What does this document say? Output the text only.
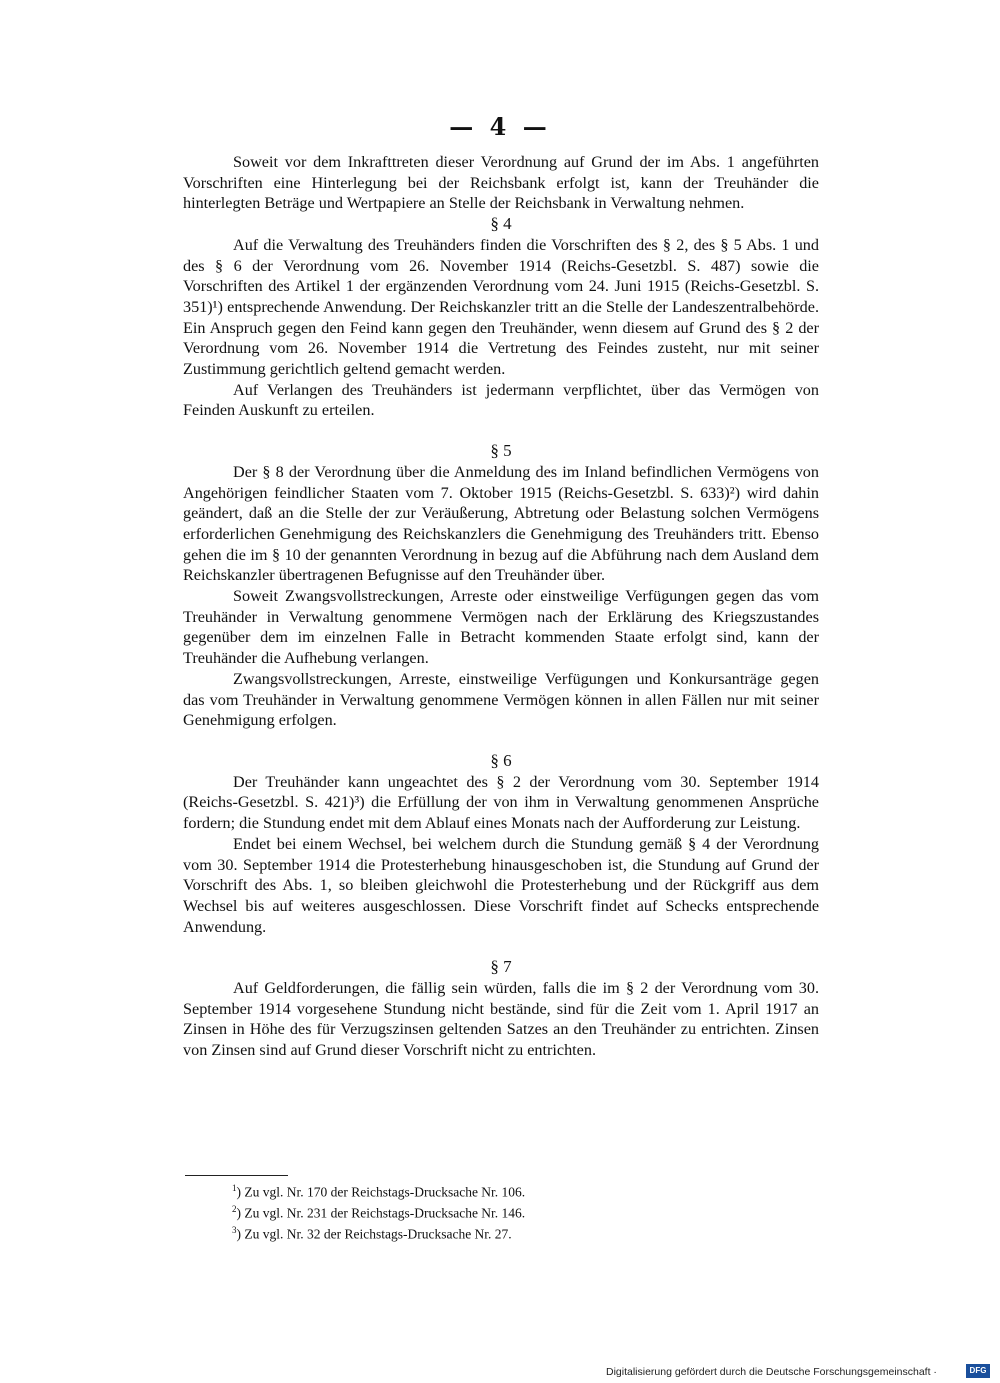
— 4 —

Soweit vor dem Inkrafttreten dieser Verordnung auf Grund der im Abs. 1 angeführten Vorschriften eine Hinterlegung bei der Reichsbank erfolgt ist, kann der Treuhänder die hinterlegten Beträge und Wertpapiere an Stelle der Reichsbank in Verwaltung nehmen.

§ 4

Auf die Verwaltung des Treuhänders finden die Vorschriften des § 2, des § 5 Abs. 1 und des § 6 der Verordnung vom 26. November 1914 (Reichs-Gesetzbl. S. 487) sowie die Vorschriften des Artikel 1 der ergänzenden Verordnung vom 24. Juni 1915 (Reichs-Gesetzbl. S. 351)¹) entsprechende Anwendung. Der Reichskanzler tritt an die Stelle der Landeszentralbehörde. Ein Anspruch gegen den Feind kann gegen den Treuhänder, wenn diesem auf Grund des § 2 der Verordnung vom 26. November 1914 die Vertretung des Feindes zusteht, nur mit seiner Zustimmung gerichtlich geltend gemacht werden.

Auf Verlangen des Treuhänders ist jedermann verpflichtet, über das Vermögen von Feinden Auskunft zu erteilen.

§ 5

Der § 8 der Verordnung über die Anmeldung des im Inland befindlichen Vermögens von Angehörigen feindlicher Staaten vom 7. Oktober 1915 (Reichs-Gesetzbl. S. 633)²) wird dahin geändert, daß an die Stelle der zur Veräußerung, Abtretung oder Belastung solchen Vermögens erforderlichen Genehmigung des Reichskanzlers die Genehmigung des Treuhänders tritt. Ebenso gehen die im § 10 der genannten Verordnung in bezug auf die Abführung nach dem Ausland dem Reichskanzler übertragenen Befugnisse auf den Treuhänder über.

Soweit Zwangsvollstreckungen, Arreste oder einstweilige Verfügungen gegen das vom Treuhänder in Verwaltung genommene Vermögen nach der Erklärung des Kriegszustandes gegenüber dem im einzelnen Falle in Betracht kommenden Staate erfolgt sind, kann der Treuhänder die Aufhebung verlangen.

Zwangsvollstreckungen, Arreste, einstweilige Verfügungen und Konkursanträge gegen das vom Treuhänder in Verwaltung genommene Vermögen können in allen Fällen nur mit seiner Genehmigung erfolgen.

§ 6

Der Treuhänder kann ungeachtet des § 2 der Verordnung vom 30. September 1914 (Reichs-Gesetzbl. S. 421)³) die Erfüllung der von ihm in Verwaltung genommenen Ansprüche fordern; die Stundung endet mit dem Ablauf eines Monats nach der Aufforderung zur Leistung.

Endet bei einem Wechsel, bei welchem durch die Stundung gemäß § 4 der Verordnung vom 30. September 1914 die Protesterhebung hinausgeschoben ist, die Stundung auf Grund der Vorschrift des Abs. 1, so bleiben gleichwohl die Protesterhebung und der Rückgriff aus dem Wechsel bis auf weiteres ausgeschlossen. Diese Vorschrift findet auf Schecks entsprechende Anwendung.

§ 7

Auf Geldforderungen, die fällig sein würden, falls die im § 2 der Verordnung vom 30. September 1914 vorgesehene Stundung nicht bestände, sind für die Zeit vom 1. April 1917 an Zinsen in Höhe des für Verzugszinsen geltenden Satzes an den Treuhänder zu entrichten. Zinsen von Zinsen sind auf Grund dieser Vorschrift nicht zu entrichten.

$^1$) Zu vgl. Nr. 170 der Reichstags-Drucksache Nr. 106.
$^2$) Zu vgl. Nr. 231 der Reichstags-Drucksache Nr. 146.
$^3$) Zu vgl. Nr. 32 der Reichstags-Drucksache Nr. 27.
Digitalisierung gefördert durch die Deutsche Forschungsgemeinschaft ·	DFG
